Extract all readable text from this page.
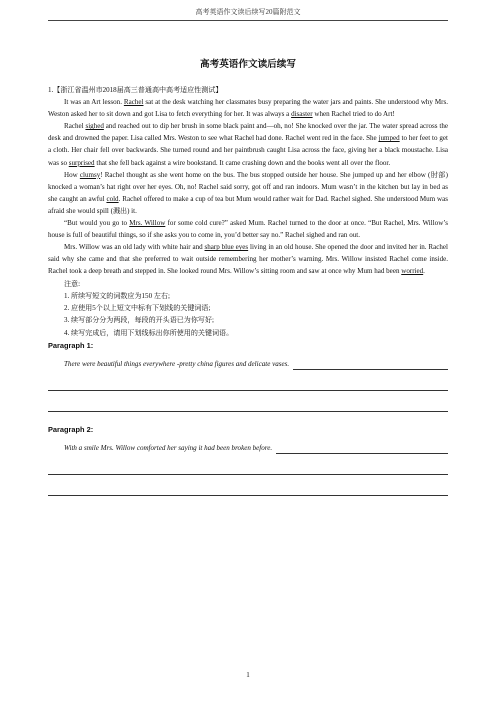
高考英语作文读后续写20篇附范文
高考英语作文读后续写

1.【浙江省温州市2018届高三普通高中高考适应性测试】

It was an Art lesson. Rachel sat at the desk watching her classmates busy preparing the water jars and paints. She understood why Mrs. Weston asked her to sit down and got Lisa to fetch everything for her. It was always a disaster when Rachel tried to do Art!

Rachel sighed and reached out to dip her brush in some black paint and—oh, no! She knocked over the jar. The water spread across the desk and drowned the paper. Lisa called Mrs. Weston to see what Rachel had done. Rachel went red in the face. She jumped to her feet to get a cloth. Her chair fell over backwards. She turned round and her paintbrush caught Lisa across the face, giving her a black moustache. Lisa was so surprised that she fell back against a wire bookstand. It came crashing down and the books went all over the floor.

How clumsy! Rachel thought as she went home on the bus. The bus stopped outside her house. She jumped up and her elbow (肘部) knocked a woman’s hat right over her eyes. Oh, no! Rachel said sorry, got off and ran indoors. Mum wasn’t in the kitchen but lay in bed as she caught an awful cold. Rachel offered to make a cup of tea but Mum would rather wait for Dad. Rachel sighed. She understood Mum was afraid she would spill (溅出) it.

“But would you go to Mrs. Willow for some cold cure?” asked Mum. Rachel turned to the door at once. “But Rachel, Mrs. Willow’s house is full of beautiful things, so if she asks you to come in, you’d better say no.” Rachel sighed and ran out.

Mrs. Willow was an old lady with white hair and sharp blue eyes living in an old house. She opened the door and invited her in. Rachel said why she came and that she preferred to wait outside remembering her mother’s warning. Mrs. Willow insisted Rachel come inside. Rachel took a deep breath and stepped in. She looked round Mrs. Willow’s sitting room and saw at once why Mum had been worried.

注意:
1. 所续写短文的词数应为150 左右;
2. 应使用5个以上短文中标有下划线的关键词语;
3. 续写部分分为两段，每段的开头语已为你写好;
4. 续写完成后，请用下划线标出你所使用的关键词语。
Paragraph 1:
There were beautiful things everywhere -pretty china figures and delicate vases.
Paragraph 2:
With a smile Mrs. Willow comforted her saying it had been broken before.
1
